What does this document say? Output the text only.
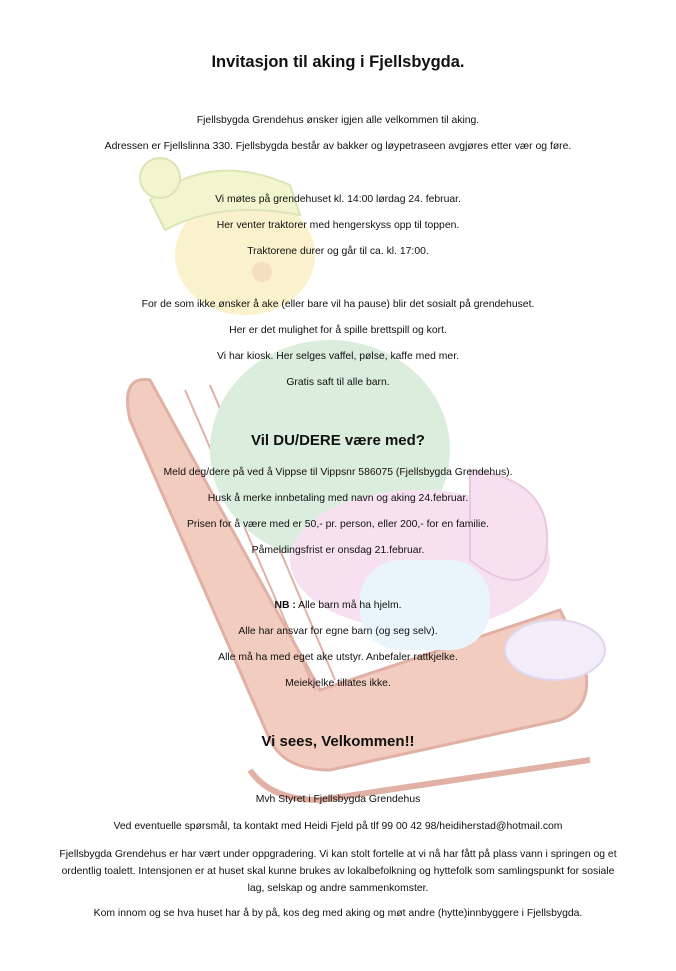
Invitasjon til aking i Fjellsbygda.
Fjellsbygda Grendehus ønsker igjen alle velkommen til aking.
Adressen er Fjellslinna 330. Fjellsbygda består av bakker og løypetraseen avgjøres etter vær og føre.
Vi møtes på grendehuset kl. 14:00 lørdag 24. februar.
Her venter traktorer med hengerskyss opp til toppen.
Traktorene durer og går til ca. kl. 17:00.
For de som ikke ønsker å ake (eller bare vil ha pause) blir det sosialt på grendehuset.
Her er det mulighet for å spille brettspill og kort.
Vi har kiosk. Her selges vaffel, pølse, kaffe med mer.
Gratis saft til alle barn.
Vil DU/DERE være med?
Meld deg/dere på ved å Vippse til Vippsnr 586075 (Fjellsbygda Grendehus).
Husk å merke innbetaling med navn og aking 24.februar.
Prisen for å være med er 50,- pr. person, eller 200,- for en familie.
Påmeldingsfrist er onsdag 21.februar.
NB : Alle barn må ha hjelm.
Alle har ansvar for egne barn (og seg selv).
Alle må ha med eget ake utstyr. Anbefaler rattkjelke.
Meiekjelke tillates ikke.
Vi sees, Velkommen!!
Mvh Styret i Fjellsbygda Grendehus
Ved eventuelle spørsmål, ta kontakt med Heidi Fjeld på tlf 99 00 42 98/heidiherstad@hotmail.com
Fjellsbygda Grendehus er har vært under oppgradering. Vi kan stolt fortelle at vi nå har fått på plass vann i springen og et ordentlig toalett. Intensjonen er at huset skal kunne brukes av lokalbefolkning og hyttefolk som samlingspunkt for sosiale lag, selskap og andre sammenkomster.
Kom innom og se hva huset har å by på, kos deg med aking og møt andre (hytte)innbyggere i Fjellsbygda.
